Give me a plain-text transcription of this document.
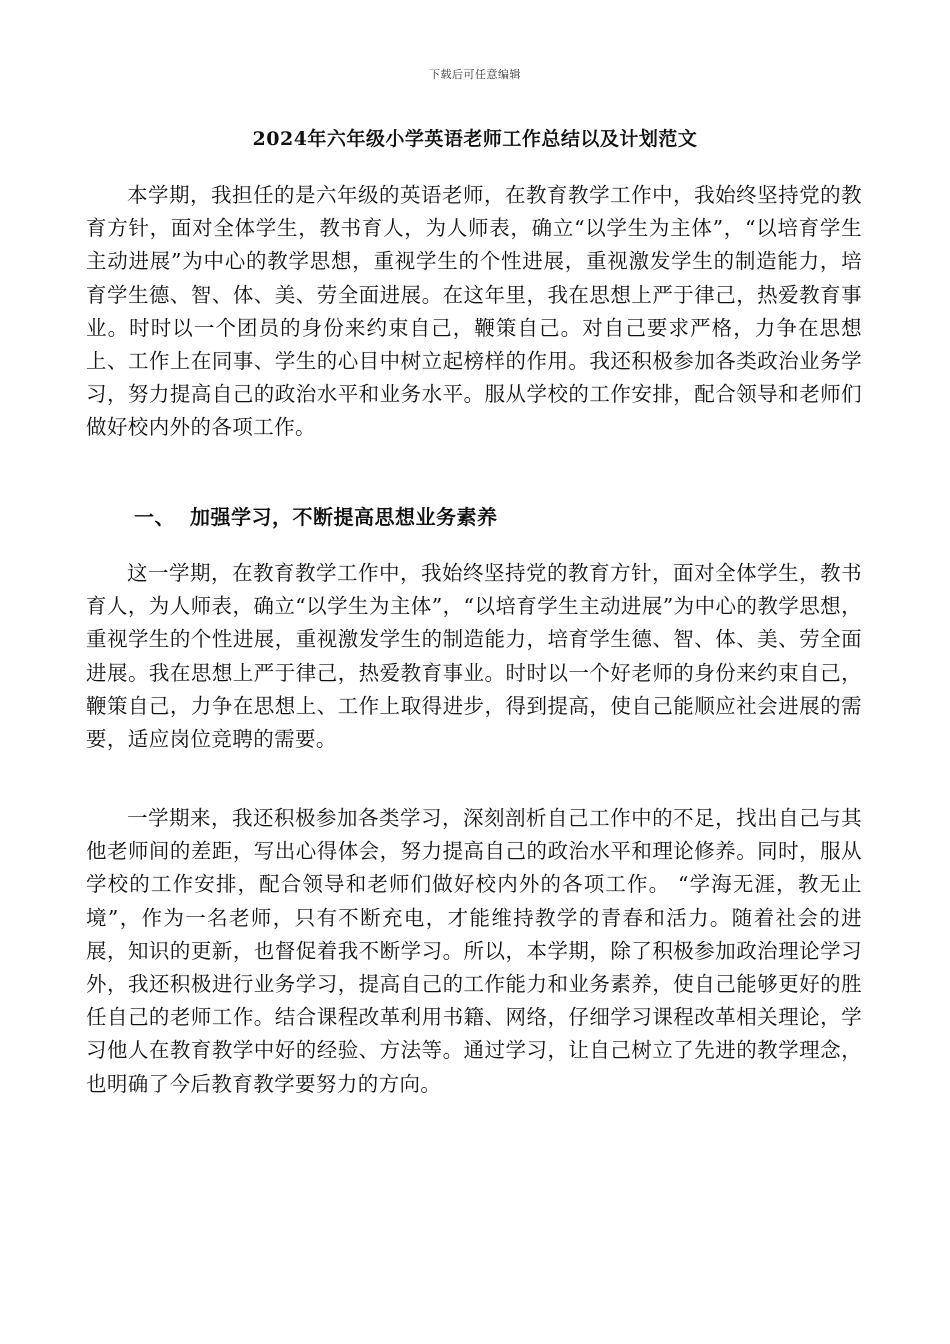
下载后可任意编辑
2024年六年级小学英语老师工作总结以及计划范文

本学期，我担任的是六年级的英语老师，在教育教学工作中，我始终坚持党的教育方针，面对全体学生，教书育人，为人师表，确立“以学生为主体”，“以培育学生主动进展”为中心的教学思想，重视学生的个性进展，重视激发学生的制造能力，培育学生德、智、体、美、劳全面进展。在这年里，我在思想上严于律己，热爱教育事业。时时以一个团员的身份来约束自己，鞭策自己。对自己要求严格，力争在思想上、工作上在同事、学生的心目中树立起榜样的作用。我还积极参加各类政治业务学习，努力提高自己的政治水平和业务水平。服从学校的工作安排，配合领导和老师们做好校内外的各项工作。

一、 加强学习，不断提高思想业务素养

这一学期，在教育教学工作中，我始终坚持党的教育方针，面对全体学生，教书育人，为人师表，确立“以学生为主体”，“以培育学生主动进展”为中心的教学思想，重视学生的个性进展，重视激发学生的制造能力，培育学生德、智、体、美、劳全面进展。我在思想上严于律己，热爱教育事业。时时以一个好老师的身份来约束自己，鞭策自己，力争在思想上、工作上取得进步，得到提高，使自己能顺应社会进展的需要，适应岗位竞聘的需要。

一学期来，我还积极参加各类学习，深刻剖析自己工作中的不足，找出自己与其他老师间的差距，写出心得体会，努力提高自己的政治水平和理论修养。同时，服从学校的工作安排，配合领导和老师们做好校内外的各项工作。 “学海无涯，教无止境”，作为一名老师，只有不断充电，才能维持教学的青春和活力。随着社会的进展，知识的更新，也督促着我不断学习。所以，本学期，除了积极参加政治理论学习外，我还积极进行业务学习，提高自己的工作能力和业务素养，使自己能够更好的胜任自己的老师工作。结合课程改革利用书籍、网络，仔细学习课程改革相关理论，学习他人在教育教学中好的经验、方法等。通过学习，让自己树立了先进的教学理念，也明确了今后教育教学要努力的方向。
